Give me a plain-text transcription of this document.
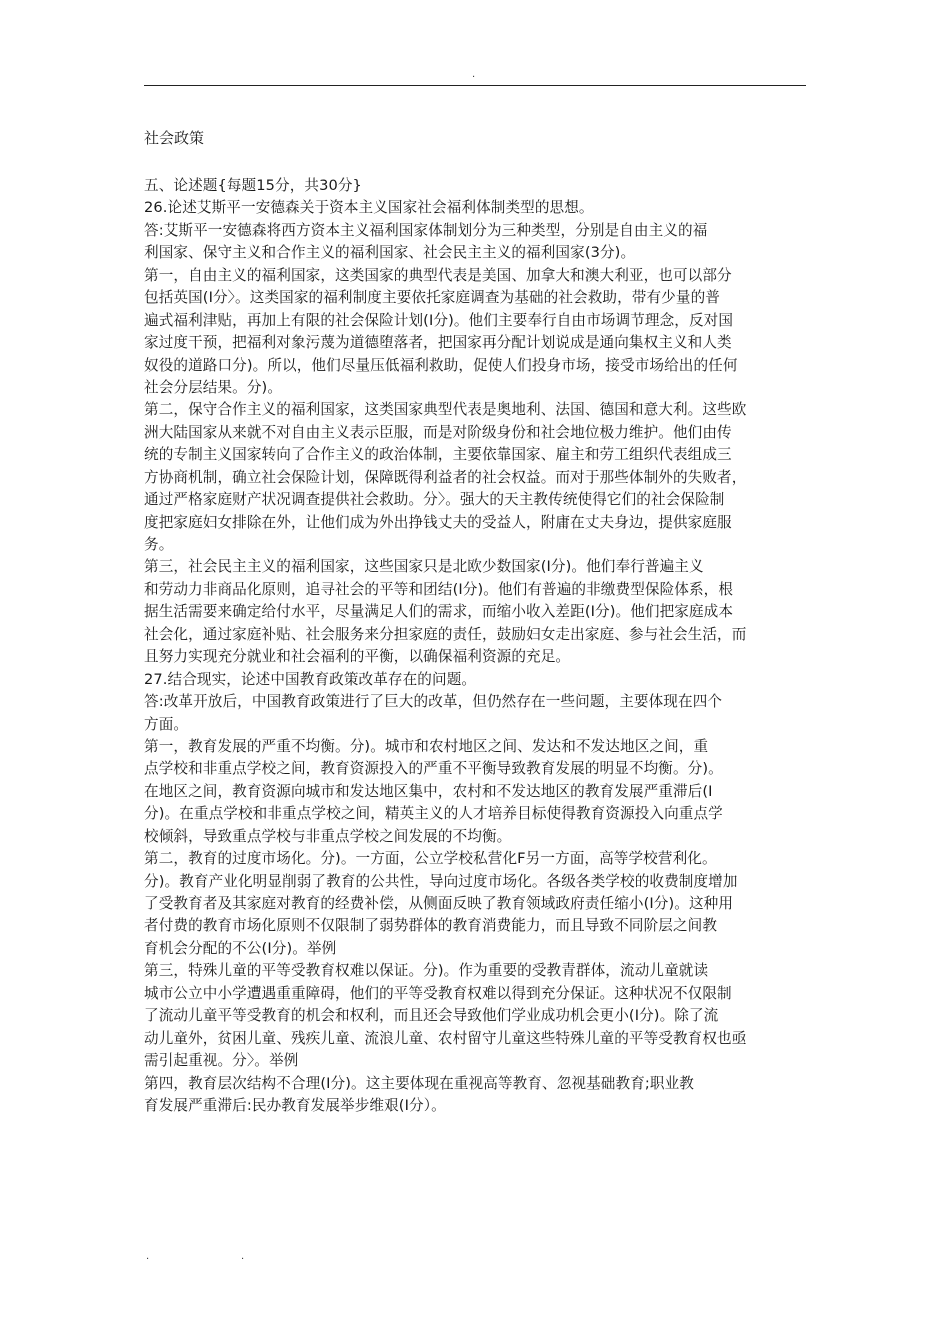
.
社会政策
五、论述题{每题15分，共30分}
26.论述艾斯平一安德森关于资本主义国家社会福利体制类型的思想。
答:艾斯平一安德森将西方资本主义福利国家体制划分为三种类型，分别是自由主义的福
利国家、保守主义和合作主义的福利国家、社会民主主义的福利国家(3分)。
第一，自由主义的福利国家，这类国家的典型代表是美国、加拿大和澳大利亚，也可以部分
包括英国(I分〉。这类国家的福利制度主要依托家庭调查为基础的社会救助，带有少量的普
遍式福利津贴，再加上有限的社会保险计划(I分)。他们主要奉行自由市场调节理念，反对国
家过度干预，把福利对象污蔑为道德堕落者，把国家再分配计划说成是通向集权主义和人类
奴役的道路口分)。所以，他们尽量压低福利救助，促使人们投身市场，接受市场给出的任何
社会分层结果。分)。
第二，保守合作主义的福利国家，这类国家典型代表是奥地利、法国、德国和意大利。这些欧
洲大陆国家从来就不对自由主义表示臣服，而是对阶级身份和社会地位极力维护。他们由传
统的专制主义国家转向了合作主义的政治体制，主要依靠国家、雇主和劳工组织代表组成三
方协商机制，确立社会保险计划，保障既得利益者的社会权益。而对于那些体制外的失败者，
通过严格家庭财产状况调查提供社会救助。分〉。强大的天主教传统使得它们的社会保险制
度把家庭妇女排除在外，让他们成为外出挣钱丈夫的受益人，附庸在丈夫身边，提供家庭服
务。
第三，社会民主主义的福利国家，这些国家只是北欧少数国家(I分)。他们奉行普遍主义
和劳动力非商品化原则，追寻社会的平等和团结(I分)。他们有普遍的非缴费型保险体系，根
据生活需要来确定给付水平，尽量满足人们的需求，而缩小收入差距(I分)。他们把家庭成本
社会化，通过家庭补贴、社会服务来分担家庭的责任，鼓励妇女走出家庭、参与社会生活，而
且努力实现充分就业和社会福利的平衡，以确保福利资源的充足。
27.结合现实，论述中国教育政策改革存在的问题。
答:改革开放后，中国教育政策进行了巨大的改革，但仍然存在一些问题，主要体现在四个
方面。
第一，教育发展的严重不均衡。分)。城市和农村地区之间、发达和不发达地区之间，重
点学校和非重点学校之间，教育资源投入的严重不平衡导致教育发展的明显不均衡。分)。
在地区之间，教育资源向城市和发达地区集中，农村和不发达地区的教育发展严重滞后(I
分)。在重点学校和非重点学校之间，精英主义的人才培养目标使得教育资源投入向重点学
校倾斜，导致重点学校与非重点学校之间发展的不均衡。
第二，教育的过度市场化。分)。一方面，公立学校私营化F另一方面，高等学校营利化。
分)。教育产业化明显削弱了教育的公共性，导向过度市场化。各级各类学校的收费制度增加
了受教育者及其家庭对教育的经费补偿，从侧面反映了教育领域政府责任缩小(I分)。这种用
者付费的教育市场化原则不仅限制了弱势群体的教育消费能力，而且导致不同阶层之间教
育机会分配的不公(I分)。举例
第三，特殊儿童的平等受教育权难以保证。分)。作为重要的受教青群体，流动儿童就读
城市公立中小学遭遇重重障碍，他们的平等受教育权难以得到充分保证。这种状况不仅限制
了流动儿童平等受教育的机会和权利，而且还会导致他们学业成功机会更小(I分)。除了流
动儿童外，贫困儿童、残疾儿童、流浪儿童、农村留守儿童这些特殊儿童的平等受教育权也亟
需引起重视。分〉。举例
第四，教育层次结构不合理(I分)。这主要体现在重视高等教育、忽视基础教育;职业教
育发展严重滞后:民办教育发展举步维艰(I分）。
.	.
